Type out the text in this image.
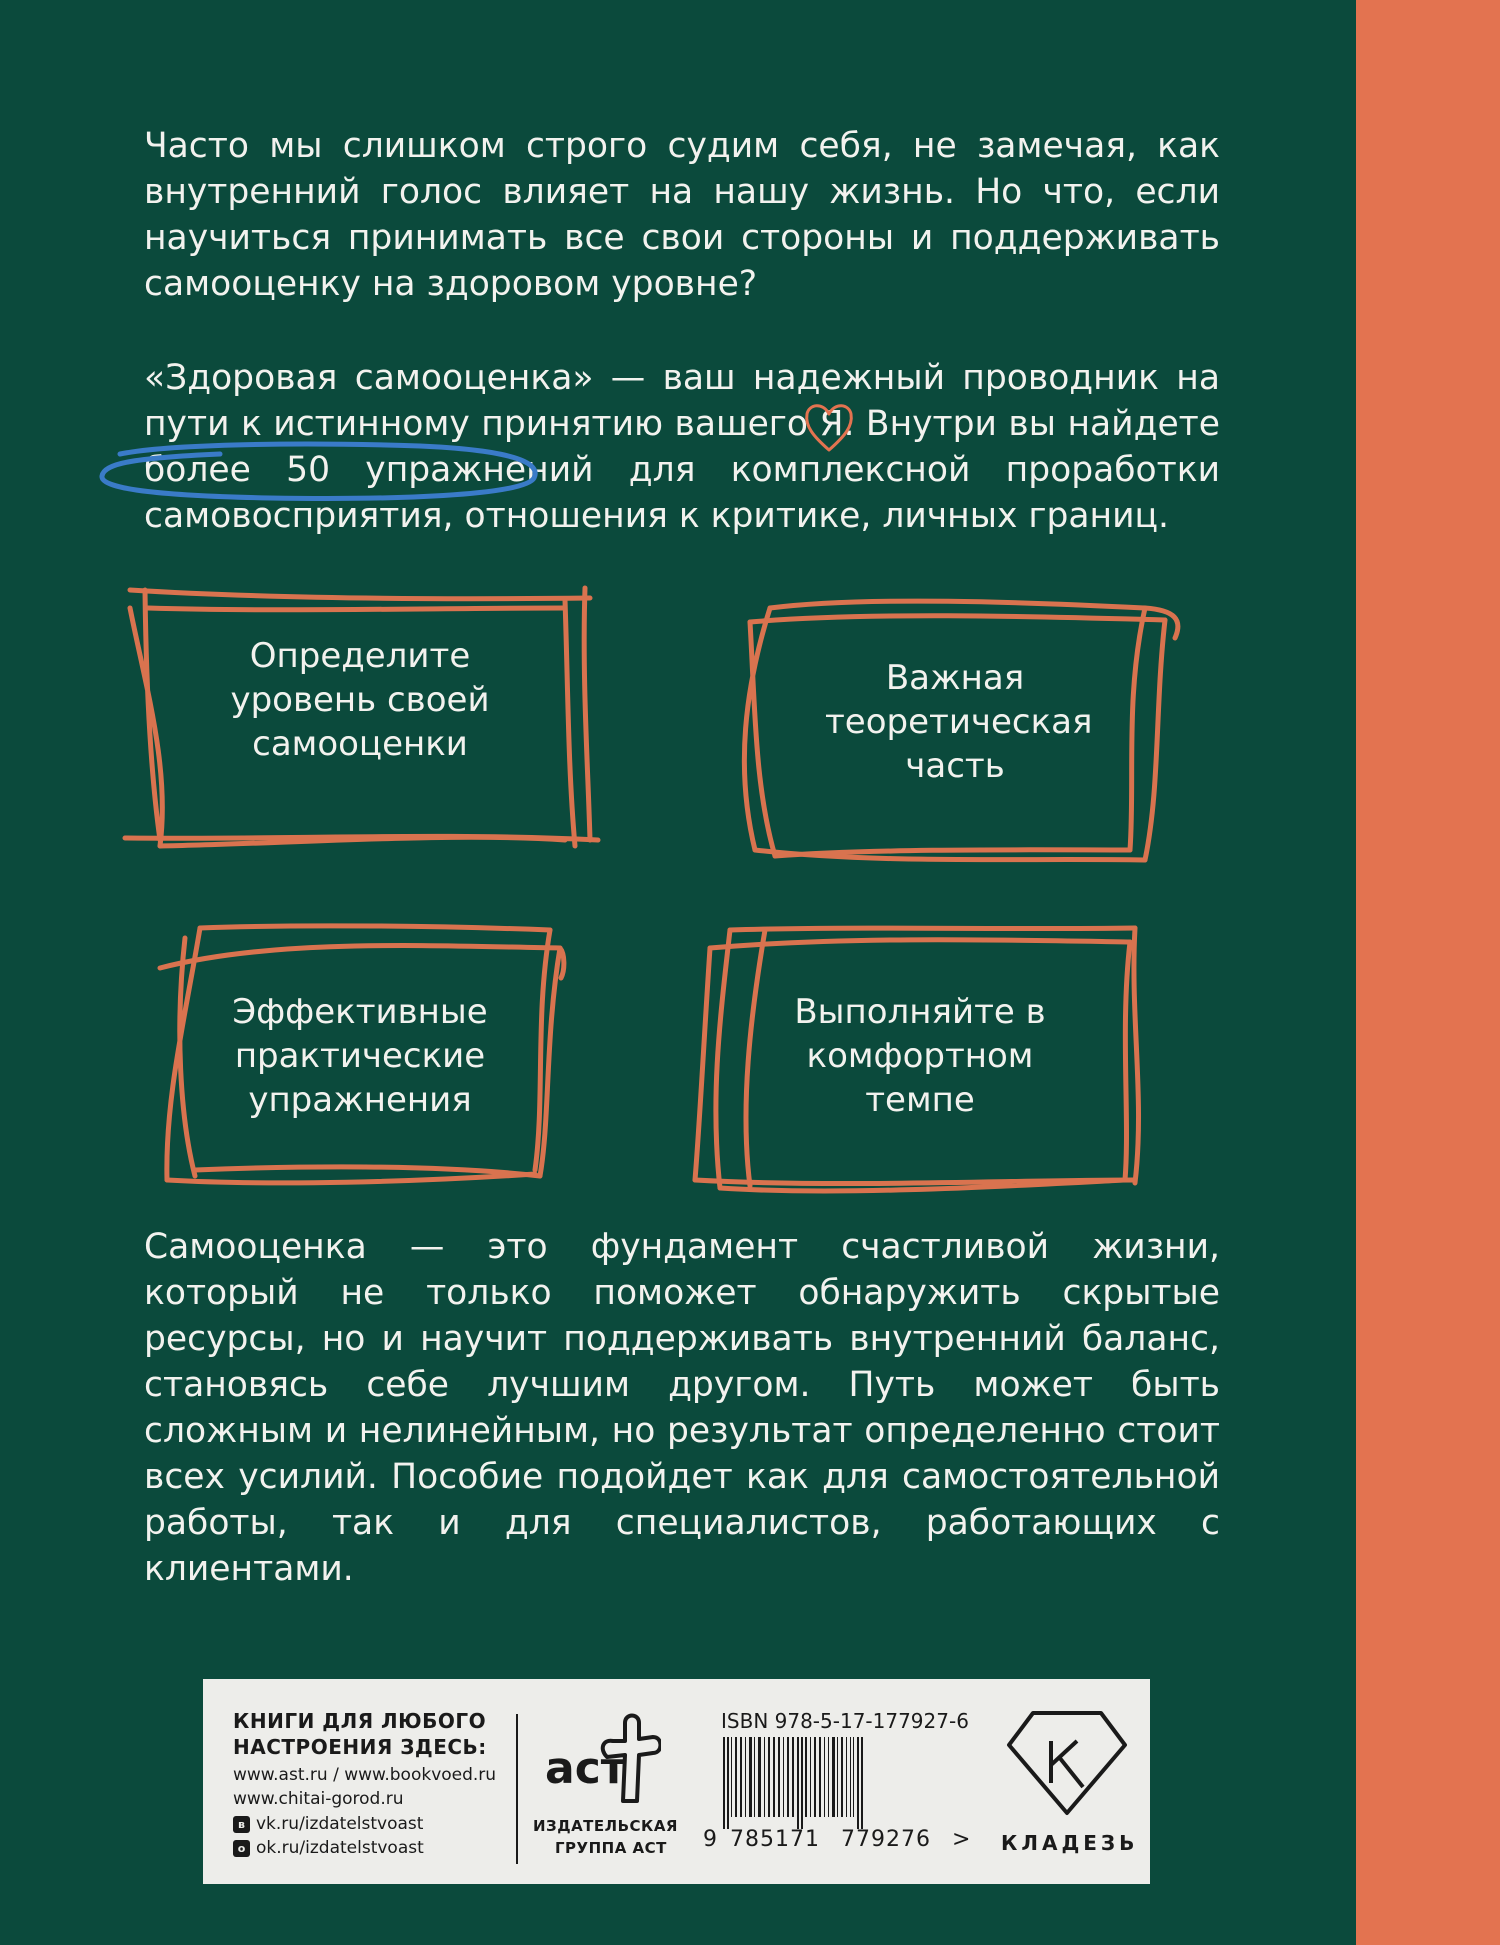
Часто мы слишком строго судим себя, не замечая, как внутренний голос влияет на нашу жизнь. Но что, если научиться принимать все свои стороны и поддерживать самооценку на здоровом уровне?

«Здоровая самооценка» — ваш надежный проводник на пути к истинному принятию вашего Я. Внутри вы найдете более 50 упражнений для комплексной проработки самовосприятия, отношения к критике, личных границ.

Определите уровень своей самооценки

Важная теоретическая часть

Эффективные практические упражнения

Выполняйте в комфортном темпе

Самооценка — это фундамент счастливой жизни, который не только поможет обнаружить скрытые ресурсы, но и научит поддерживать внутренний баланс, становясь себе лучшим другом. Путь может быть сложным и нелинейным, но результат определенно стоит всех усилий. Пособие подойдет как для самостоятельной работы, так и для специалистов, работающих с клиентами.

КНИГИ ДЛЯ ЛЮБОГО

НАСТРОЕНИЯ ЗДЕСЬ:

www.ast.ru / www.bookvoed.ru

www.chitai-gorod.ru

в vk.ru/izdatelstvoast
о ok.ru/izdatelstvoast
аст

ИЗДАТЕЛЬСКАЯ

ГРУППА АСТ

ISBN 978-5-17-177927-6

9 785171 779276 > КЛАДЕЗЬ
